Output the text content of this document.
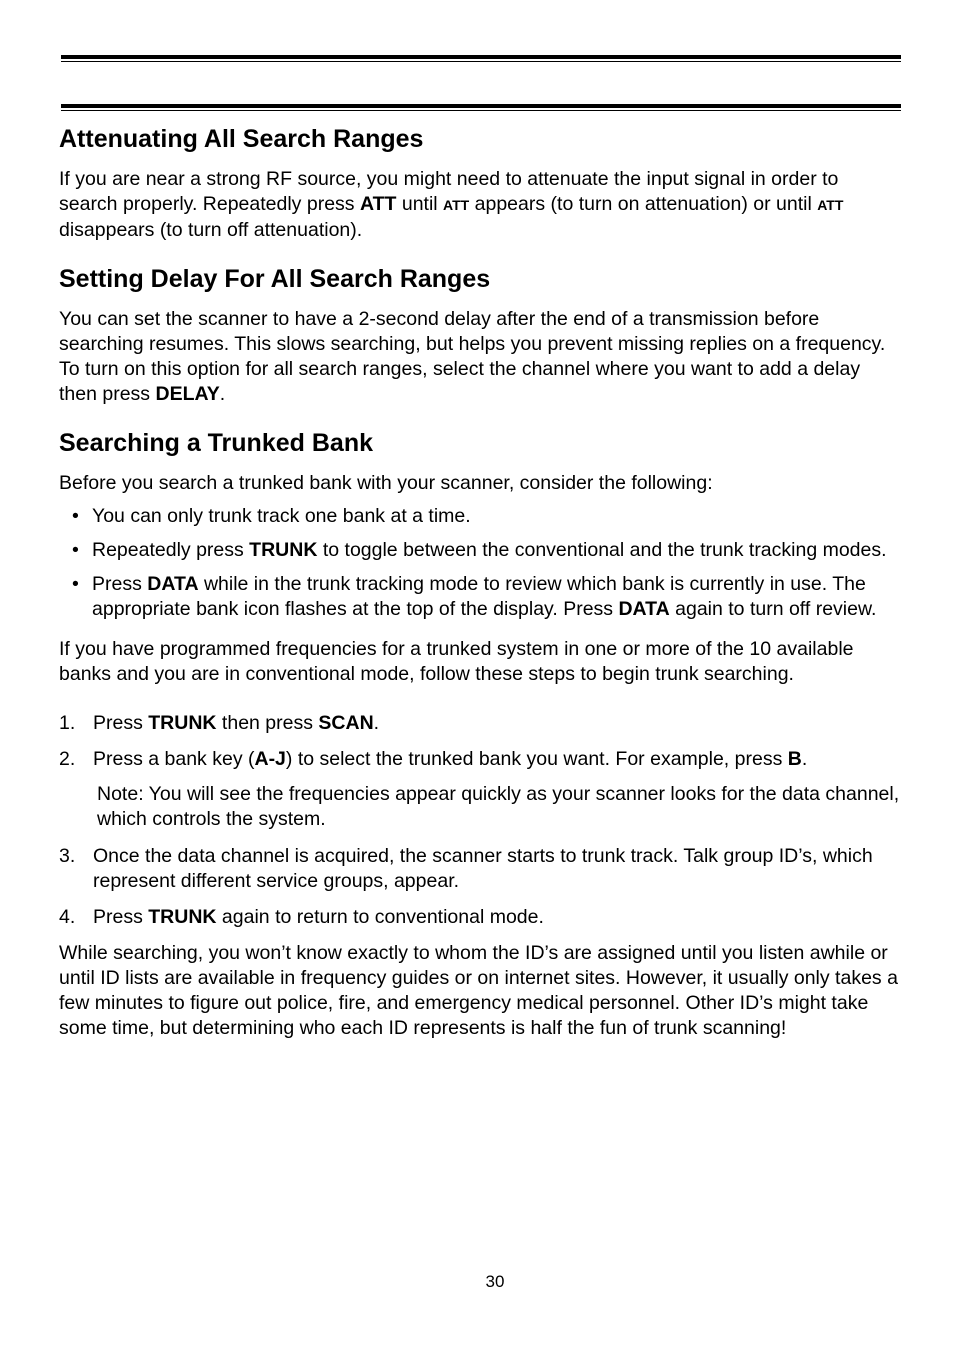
Attenuating All Search Ranges

If you are near a strong RF source, you might need to attenuate the input signal in order to search properly. Repeatedly press ATT until ATT appears (to turn on attenuation) or until ATT disappears (to turn off attenuation).

Setting Delay For All Search Ranges

You can set the scanner to have a 2-second delay after the end of a transmission before searching resumes. This slows searching, but helps you prevent missing replies on a frequency. To turn on this option for all search ranges, select the channel where you want to add a delay then press DELAY.

Searching a Trunked Bank

Before you search a trunked bank with your scanner, consider the following:

• You can only trunk track one bank at a time.
• Repeatedly press TRUNK to toggle between the conventional and the trunk tracking modes.
• Press DATA while in the trunk tracking mode to review which bank is currently in use. The appropriate bank icon flashes at the top of the display. Press DATA again to turn off review.

If you have programmed frequencies for a trunked system in one or more of the 10 available banks and you are in conventional mode, follow these steps to begin trunk searching.

1. Press TRUNK then press SCAN.
2. Press a bank key (A-J) to select the trunked bank you want. For example, press B.

Note: You will see the frequencies appear quickly as your scanner looks for the data channel, which controls the system.

3. Once the data channel is acquired, the scanner starts to trunk track. Talk group ID’s, which represent different service groups, appear.
4. Press TRUNK again to return to conventional mode.

While searching, you won’t know exactly to whom the ID’s are assigned until you listen awhile or until ID lists are available in frequency guides or on internet sites. However, it usually only takes a few minutes to figure out police, fire, and emergency medical personnel. Other ID’s might take some time, but determining who each ID represents is half the fun of trunk scanning!

30
